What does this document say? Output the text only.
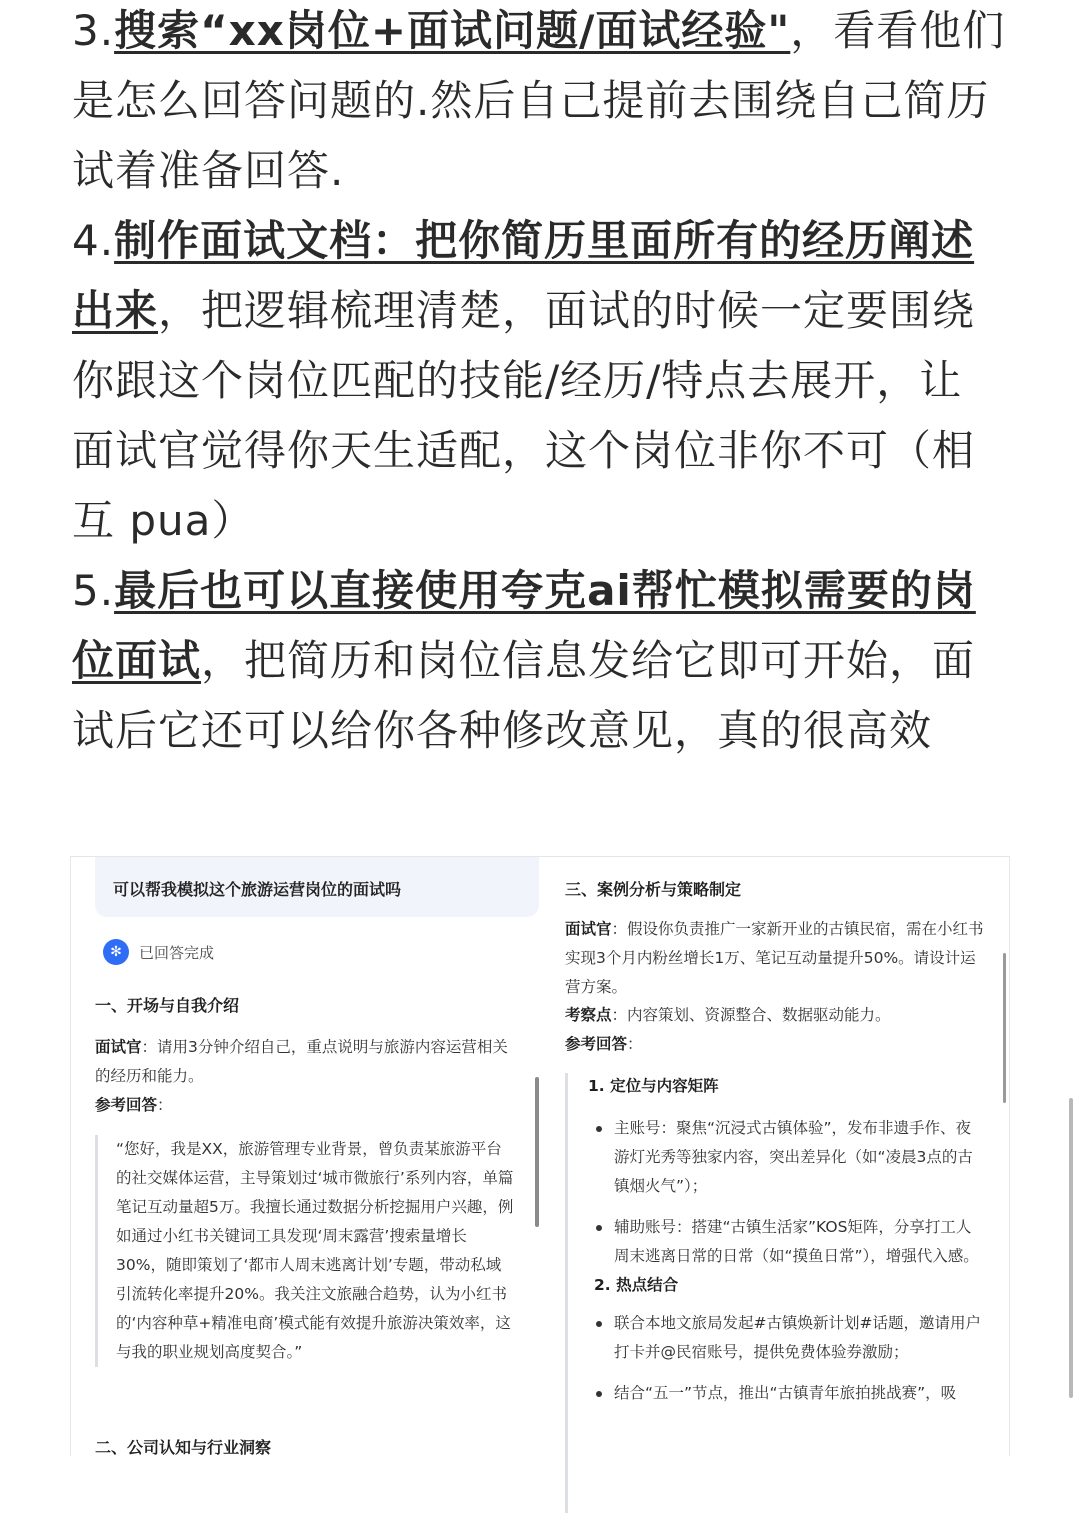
3.搜索“xx岗位+面试问题/面试经验"，看看他们是怎么回答问题的.然后自己提前去围绕自己简历试着准备回答.

4.制作面试文档：把你简历里面所有的经历阐述出来，把逻辑梳理清楚，面试的时候一定要围绕你跟这个岗位匹配的技能/经历/特点去展开，让面试官觉得你天生适配，这个岗位非你不可（相互 pua）

5.最后也可以直接使用夸克ai帮忙模拟需要的岗位面试，把简历和岗位信息发给它即可开始，面试后它还可以给你各种修改意见，真的很高效

可以帮我模拟这个旅游运营岗位的面试吗
✻	已回答完成
一、开场与自我介绍
面试官：请用3分钟介绍自己，重点说明与旅游内容运营相关的经历和能力。
参考回答：
“您好，我是XX，旅游管理专业背景，曾负责某旅游平台的社交媒体运营，主导策划过‘城市微旅行’系列内容，单篇笔记互动量超5万。我擅长通过数据分析挖掘用户兴趣，例如通过小红书关键词工具发现‘周末露营’搜索量增长30%，随即策划了‘都市人周末逃离计划’专题，带动私域引流转化率提升20%。我关注文旅融合趋势，认为小红书的‘内容种草+精准电商’模式能有效提升旅游决策效率，这与我的职业规划高度契合。”
二、公司认知与行业洞察
三、案例分析与策略制定
面试官：假设你负责推广一家新开业的古镇民宿，需在小红书实现3个月内粉丝增长1万、笔记互动量提升50%。请设计运营方案。
考察点：内容策划、资源整合、数据驱动能力。
参考回答：
1. 定位与内容矩阵
主账号：聚焦“沉浸式古镇体验”，发布非遗手作、夜游灯光秀等独家内容，突出差异化（如“凌晨3点的古镇烟火气”）；
辅助账号：搭建“古镇生活家”KOS矩阵，分享打工人周末逃离日常的日常（如“摸鱼日常”），增强代入感。
2. 热点结合
联合本地文旅局发起#古镇焕新计划#话题，邀请用户打卡并@民宿账号，提供免费体验券激励；
结合“五一”节点，推出“古镇青年旅拍挑战赛”，吸
